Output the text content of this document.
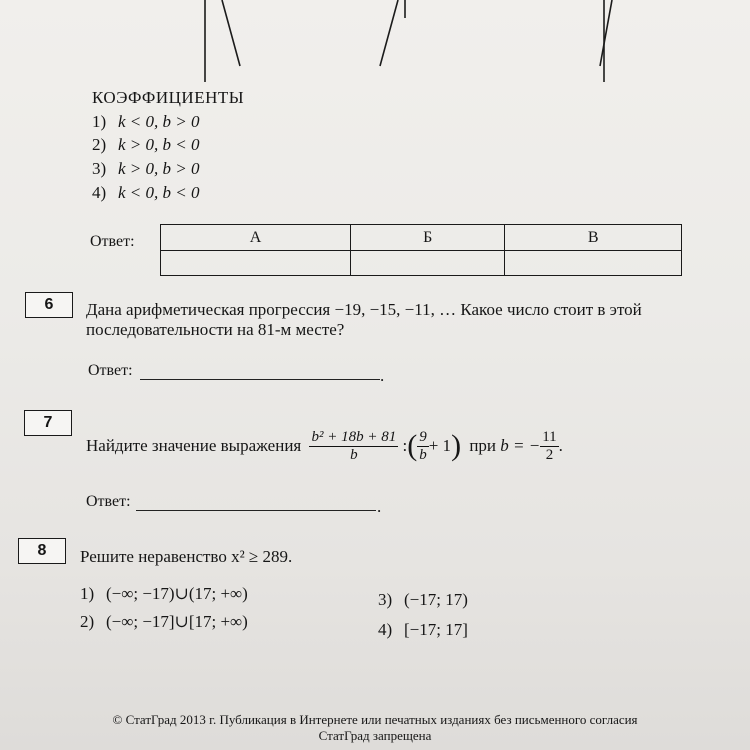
КОЭФФИЦИЕНТЫ
1) k < 0, b > 0
2) k > 0, b < 0
3) k > 0, b > 0
4) k < 0, b < 0
Ответ:	А	Б	В

6	Дана арифметическая прогрессия −19, −15, −11, … Какое число стоит в этой
последовательности на 81-м месте?
Ответ:	.
7
Найдите значение выражения $\frac{\text{b² + 18b + 81}}{b}$ :( $\frac{9}{b} + 1$) при b = − $\frac{11}{2}$ .
Ответ:	.
8	Решите неравенство x² ≥ 289.
1) (−∞; −17)∪(17; +∞)
2) (−∞; −17]∪[17; +∞)
3) (−17; 17)
4) [−17; 17]
© СтатГрад 2013 г. Публикация в Интернете или печатных изданиях без письменного согласия
СтатГрад запрещена
